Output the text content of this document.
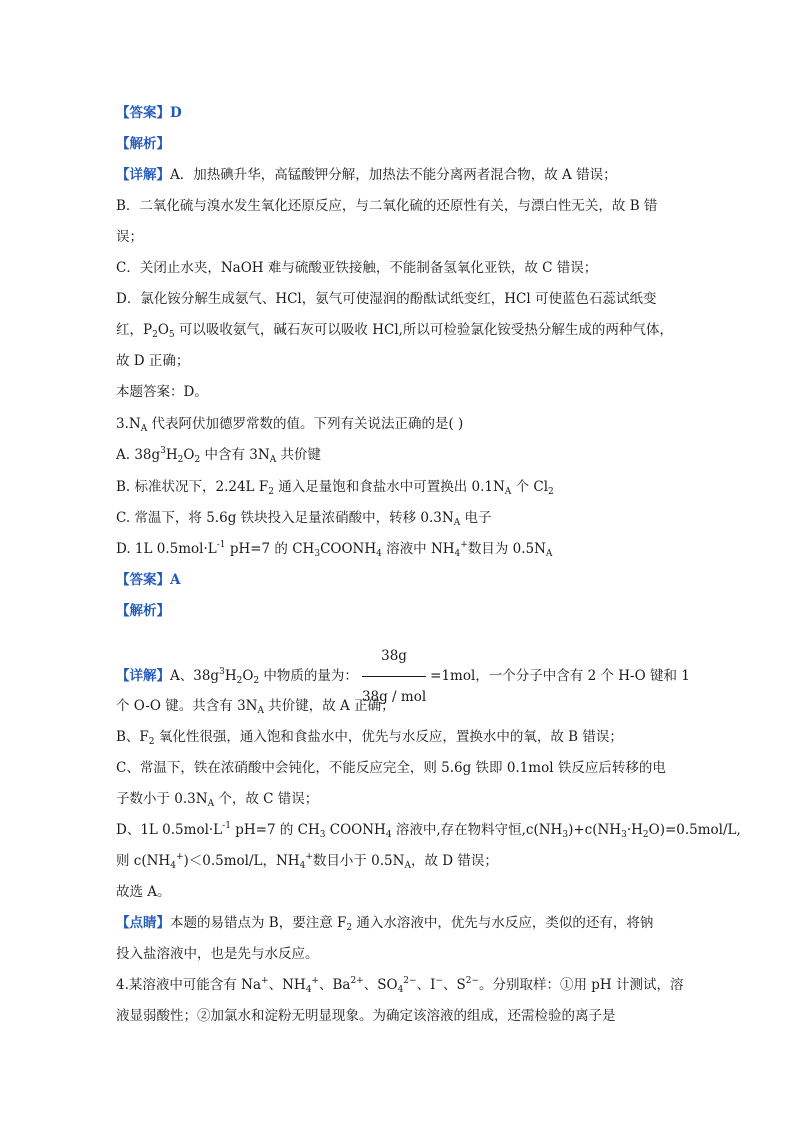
【答案】D
【解析】
【详解】A．加热碘升华，高锰酸钾分解，加热法不能分离两者混合物，故 A 错误；
B．二氧化硫与溴水发生氧化还原反应，与二氧化硫的还原性有关，与漂白性无关，故 B 错
误；
C．关闭止水夹，NaOH 难与硫酸亚铁接触，不能制备氢氧化亚铁，故 C 错误；
D．氯化铵分解生成氨气、HCl，氨气可使湿润的酚酞试纸变红，HCl 可使蓝色石蕊试纸变
红，$P_2O_5$ 可以吸收氨气，碱石灰可以吸收 HCl,所以可检验氯化铵受热分解生成的两种气体，
故 D 正确；
本题答案：D。
$3.N_A$ 代表阿伏加德罗常数的值。下列有关说法正确的是( )
A. $38g^3H_2O_2$ 中含有 $3N_A$ 共价键
B. 标准状况下，2.24L $F_2$ 通入足量饱和食盐水中可置换出 $0.1N_A$ 个 $Cl_2$
C. 常温下，将 5.6g 铁块投入足量浓硝酸中，转移 $0.3N_A$ 电子
D. 1L $0.5mol\cdot L^{-1}$ pH=7 的 $CH_3COONH_4$ 溶液中 $NH_4^+$数目为 $0.5N_A$
【答案】A
【解析】
【详解】A、$38g^3H_2O_2$ 中物质的量为： $\frac{38g}{\text{38g / mol}} =1mol$，一个分子中含有 2 个 H-O 键和 1
个 O-O 键。共含有 $3N_A$ 共价键，故 A 正确；
B、$F_2$ 氧化性很强，通入饱和食盐水中，优先与水反应，置换水中的氧，故 B 错误；
C、常温下，铁在浓硝酸中会钝化，不能反应完全，则 5.6g 铁即 0.1mol 铁反应后转移的电
子数小于 $0.3N_A$ 个，故 C 错误；
D、1L $0.5mol\cdot L^{-1}$ pH=7 的 $CH_3$ $COONH_4$ 溶液中,存在物料守恒$,c(NH_3)+c(NH_3\cdot H_2O)=0.5mol/L$,
则 $c(NH_4^+)<0.5mol/L$，$NH_4^+$数目小于 $0.5N_A$，故 D 错误；
故选 A。
【点睛】本题的易错点为 B，要注意 $F_2$ 通入水溶液中，优先与水反应，类似的还有，将钠
投入盐溶液中，也是先与水反应。
4.某溶液中可能含有 Na+、$NH_4^+$、$Ba^{2+}$、$SO_4^{2-}$、I−、$S^{2-}$。分别取样：①用 pH 计测试，溶
液显弱酸性；②加氯水和淀粉无明显现象。为确定该溶液的组成，还需检验的离子是
